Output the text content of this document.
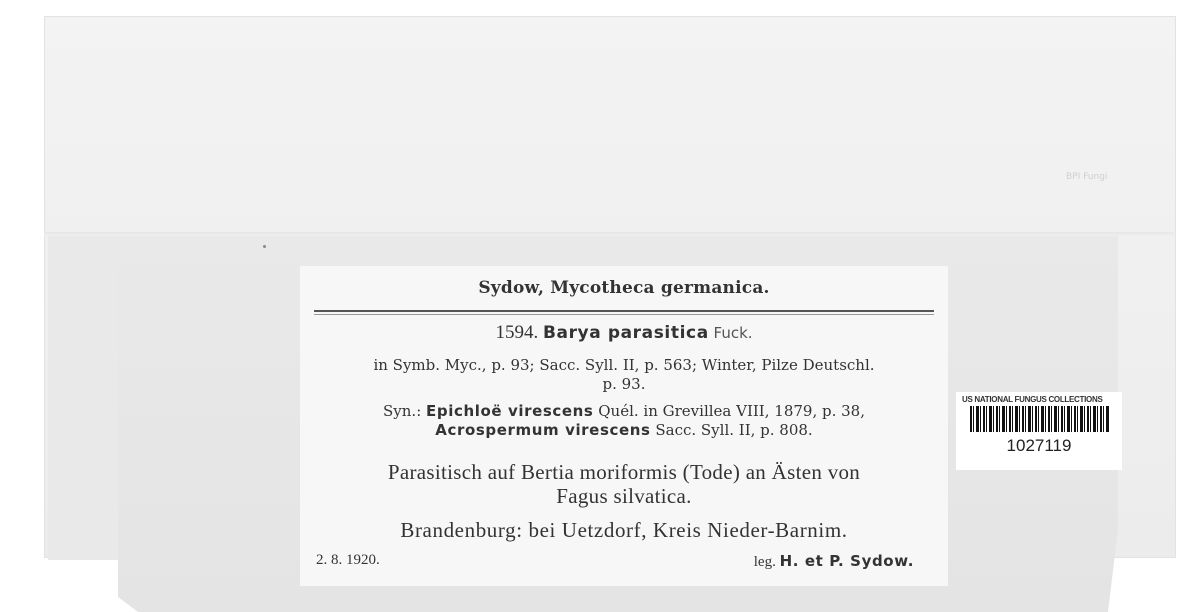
BPI Fungi
Sydow, Mycotheca germanica.
1594. Barya parasitica Fuck.
in Symb. Myc., p. 93; Sacc. Syll. II, p. 563; Winter, Pilze Deutschl.
p. 93.
Syn.: Epichloë virescens Quél. in Grevillea VIII, 1879, p. 38,
Acrospermum virescens Sacc. Syll. II, p. 808.
Parasitisch auf Bertia moriformis (Tode) an Ästen von
Fagus silvatica.
Brandenburg: bei Uetzdorf, Kreis Nieder-Barnim.
2. 8. 1920.	leg. H. et P. Sydow.
US NATIONAL FUNGUS COLLECTIONS
1027119
